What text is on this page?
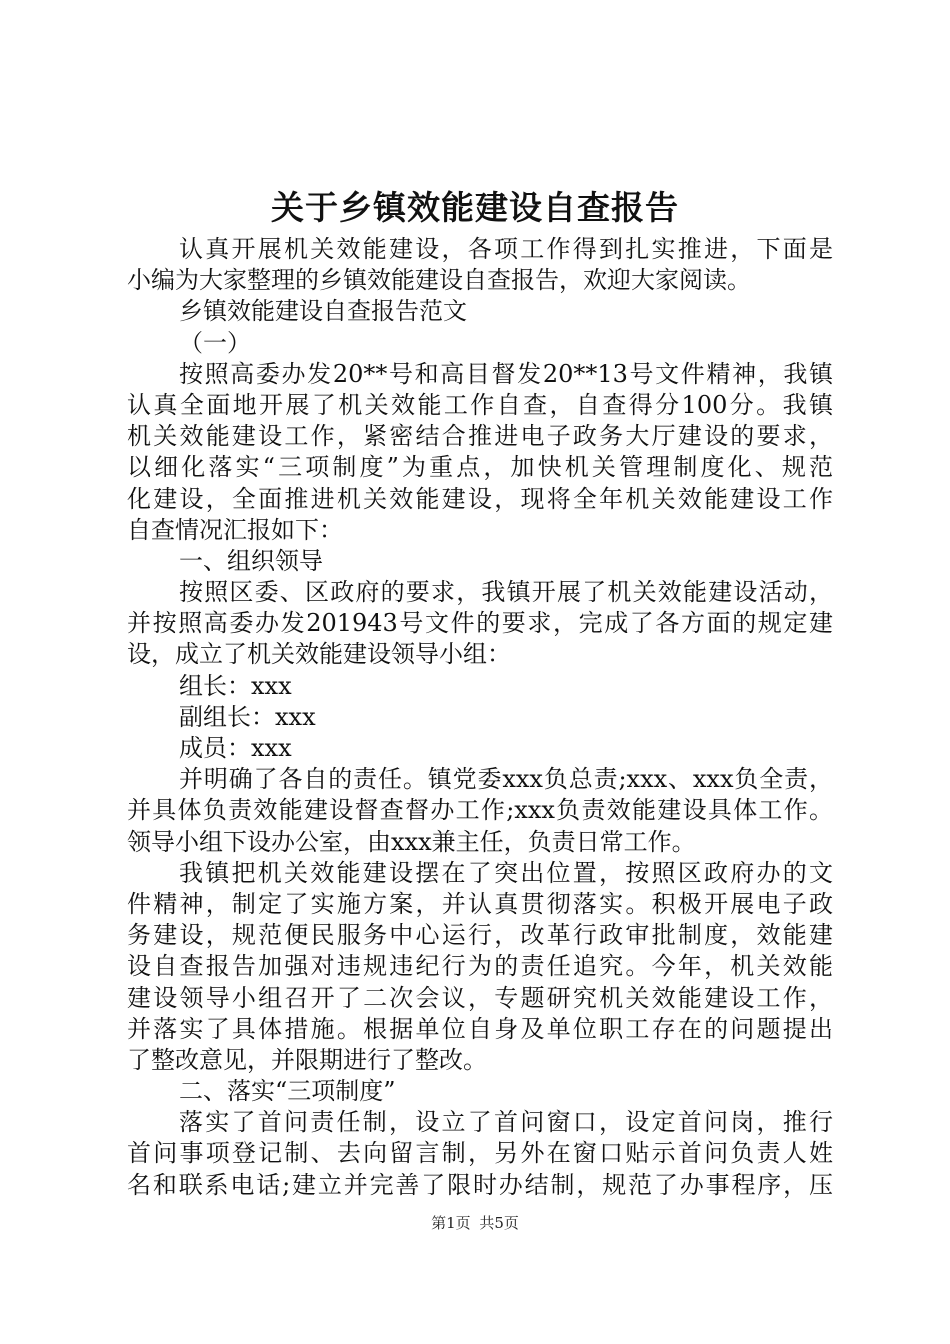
关于乡镇效能建设自查报告
认真开展机关效能建设，各项工作得到扎实推进，下面是
小编为大家整理的乡镇效能建设自查报告，欢迎大家阅读。
乡镇效能建设自查报告范文
（一）
按照高委办发20**号和高目督发20**13号文件精神，我镇
认真全面地开展了机关效能工作自查，自查得分100分。我镇
机关效能建设工作，紧密结合推进电子政务大厅建设的要求，
以细化落实“三项制度”为重点，加快机关管理制度化、规范
化建设，全面推进机关效能建设，现将全年机关效能建设工作
自查情况汇报如下：
一、组织领导
按照区委、区政府的要求，我镇开展了机关效能建设活动，
并按照高委办发201943号文件的要求，完成了各方面的规定建
设，成立了机关效能建设领导小组：
组长：xxx
副组长：xxx
成员：xxx
并明确了各自的责任。镇党委xxx负总责;xxx、xxx负全责，
并具体负责效能建设督查督办工作;xxx负责效能建设具体工作。
领导小组下设办公室，由xxx兼主任，负责日常工作。
我镇把机关效能建设摆在了突出位置，按照区政府办的文
件精神，制定了实施方案，并认真贯彻落实。积极开展电子政
务建设，规范便民服务中心运行，改革行政审批制度，效能建
设自查报告加强对违规违纪行为的责任追究。今年，机关效能
建设领导小组召开了二次会议，专题研究机关效能建设工作，
并落实了具体措施。根据单位自身及单位职工存在的问题提出
了整改意见，并限期进行了整改。
二、落实“三项制度”
落实了首问责任制，设立了首问窗口，设定首问岗，推行
首问事项登记制、去向留言制，另外在窗口贴示首问负责人姓
名和联系电话;建立并完善了限时办结制，规范了办事程序，压
第1页 共5页
